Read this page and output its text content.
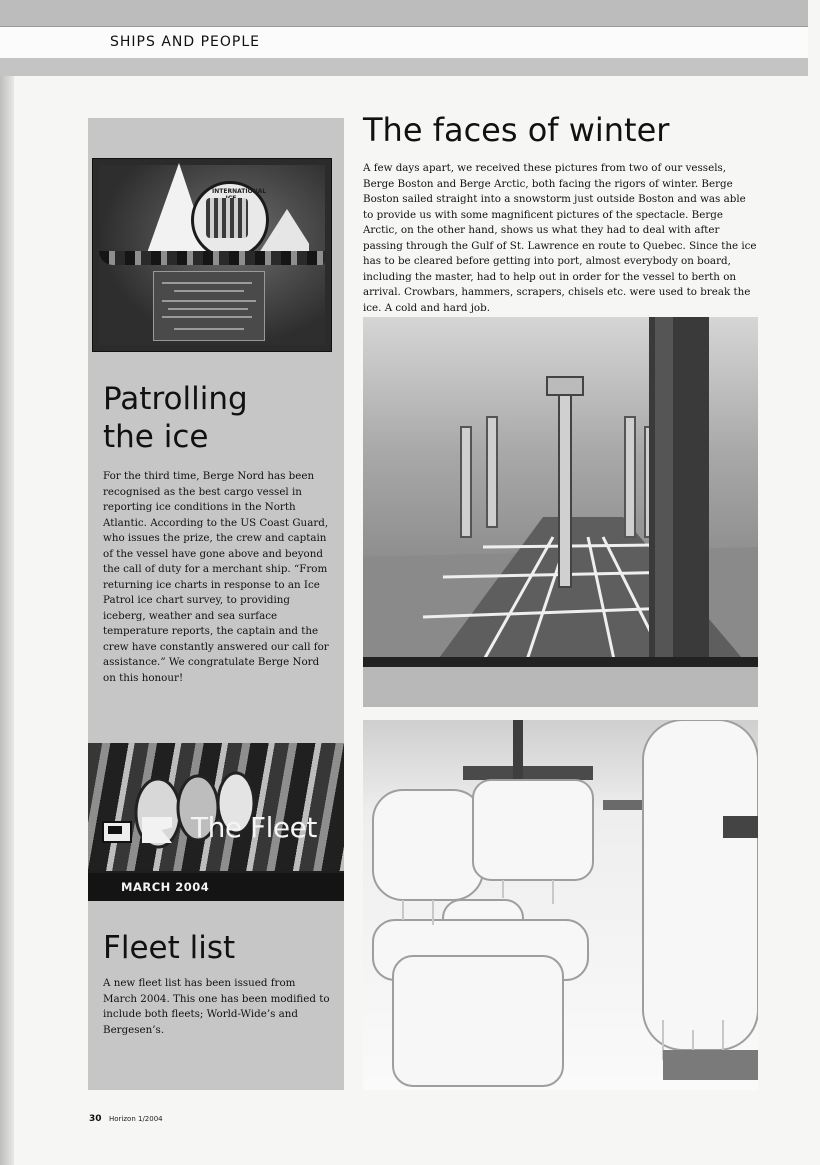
SHIPS AND PEOPLE
INTERNATIONAL
Patrolling
the ice

For the third time, Berge Nord has been recognised as the best cargo vessel in reporting ice conditions in the North Atlantic. According to the US Coast Guard, who issues the prize, the crew and captain of the vessel have gone above and beyond the call of duty for a merchant ship. “From returning ice charts in response to an Ice Patrol ice chart survey, to providing iceberg, weather and sea surface temperature reports, the captain and the crew have constantly answered our call for assistance.” We congratulate Berge Nord on this honour!

The Fleet
MARCH 2004
Fleet list

A new fleet list has been issued from March 2004. This one has been modified to include both fleets; World-Wide’s and Bergesen’s.

The faces of winter

A few days apart, we received these pictures from two of our vessels, Berge Boston and Berge Arctic, both facing the rigors of winter. Berge Boston sailed straight into a snowstorm just outside Boston and was able to provide us with some magnificent pictures of the spectacle. Berge Arctic, on the other hand, shows us what they had to deal with after passing through the Gulf of St. Lawrence en route to Quebec. Since the ice has to be cleared before getting into port, almost everybody on board, including the master, had to help out in order for the vessel to berth on arrival. Crowbars, hammers, scrapers, chisels etc. were used to break the ice. A cold and hard job.

30 Horizon 1/2004
